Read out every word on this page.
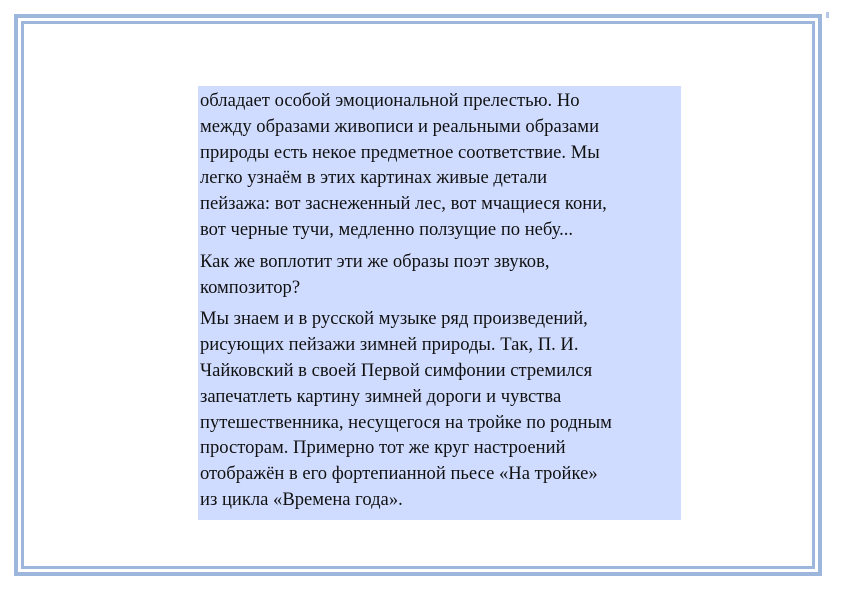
обладает особой эмоциональной прелестью. Но
между образами живописи и реальными образами
природы есть некое предметное соответствие. Мы
легко узнаём в этих картинах живые детали
пейзажа: вот заснеженный лес, вот мчащиеся кони,
вот черные тучи, медленно ползущие по небу...

Как же воплотит эти же образы поэт звуков,
композитор?

Мы знаем и в русской музыке ряд произведений,
рисующих пейзажи зимней природы. Так, П. И.
Чайковский в своей Первой симфонии стремился
запечатлеть картину зимней дороги и чувства
путешественника, несущегося на тройке по родным
просторам. Примерно тот же круг настроений
отображён в его фортепианной пьесе «На тройке»
из цикла «Времена года».
